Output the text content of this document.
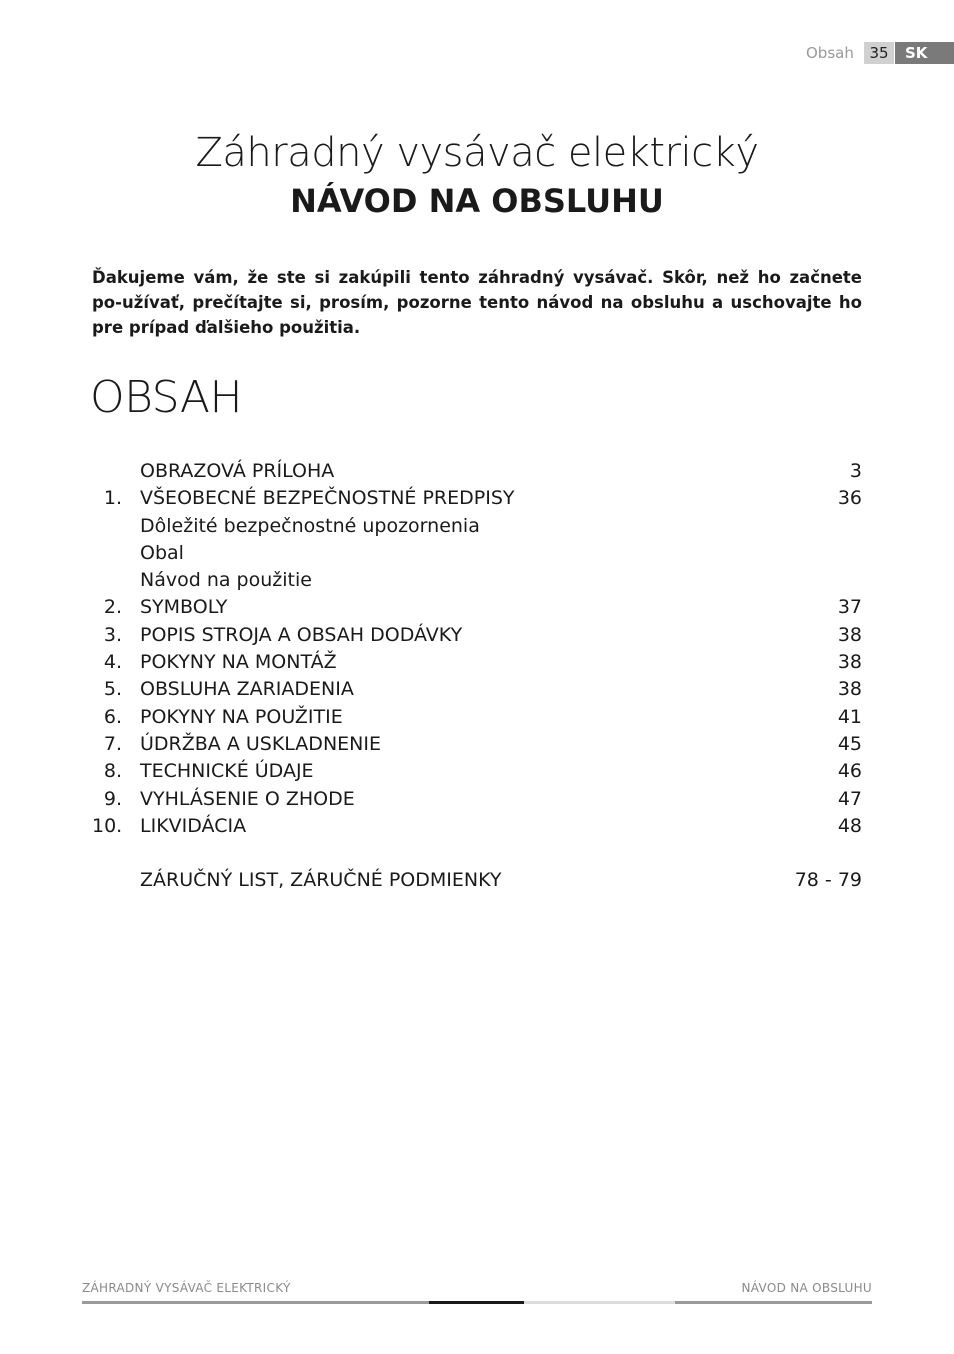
Obsah	35	SK
Záhradný vysávač elektrický
NÁVOD NA OBSLUHU
Ďakujeme vám, že ste si zakúpili tento záhradný vysávač. Skôr, než ho začnete po-užívať, prečítajte si, prosím, pozorne tento návod na obsluhu a uschovajte ho pre prípad ďalšieho použitia.
OBSAH
OBRAZOVÁ PRÍLOHA	3
1. VŠEOBECNÉ BEZPEČNOSTNÉ PREDPISY	36
Dôležité bezpečnostné upozornenia
Obal
Návod na použitie
2. SYMBOLY	37
3. POPIS STROJA A OBSAH DODÁVKY	38
4. POKYNY NA MONTÁŽ	38
5. OBSLUHA ZARIADENIA	38
6. POKYNY NA POUŽITIE	41
7. ÚDRŽBA A USKLADNENIE	45
8. TECHNICKÉ ÚDAJE	46
9. VYHLÁSENIE O ZHODE	47
10. LIKVIDÁCIA	48
ZÁRUČNÝ LIST, ZÁRUČNÉ PODMIENKY	78 - 79
ZÁHRADNÝ VYSÁVAČ ELEKTRICKÝ	NÁVOD NA OBSLUHU
